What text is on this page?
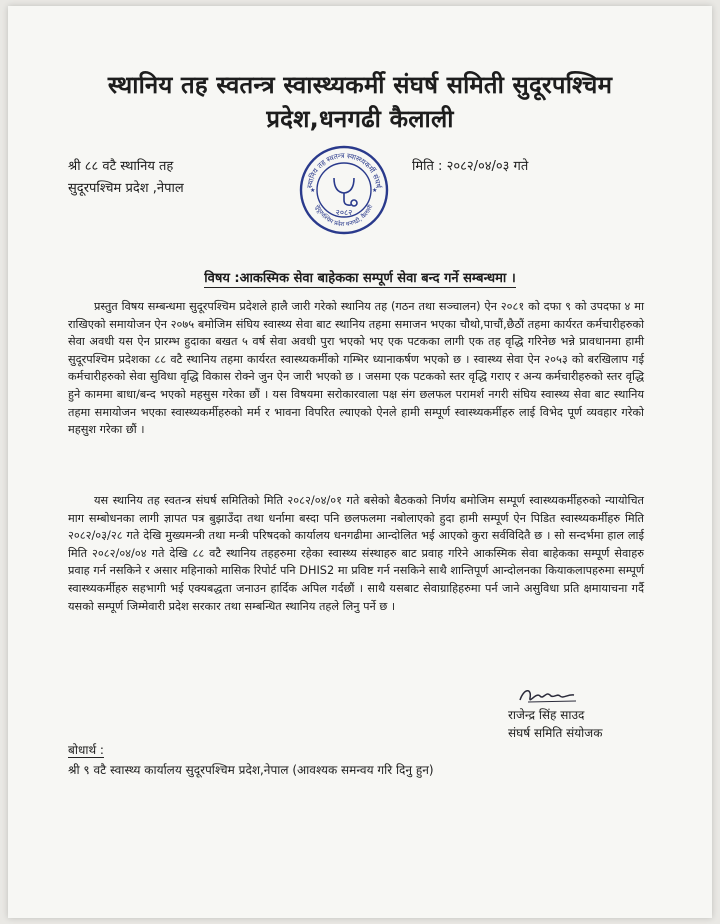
स्थानिय तह स्वतन्त्र स्वास्थ्यकर्मी संघर्ष समिती सुदूरपश्चिम
प्रदेश,धनगढी कैलाली
श्री ८८ वटै स्थानिय तह
सुदूरपश्चिम प्रदेश ,नेपाल	स्थानिय तह स्वतन्त्र स्वास्थ्यकर्मी संघर्ष
सुदूरपश्चिम प्रदेश धनगढी, कैलाली
२०८२
★	★
मिति : २०८२/०४/०३ गते
विषय :आकस्मिक सेवा बाहेकका सम्पूर्ण सेवा बन्द गर्ने सम्बन्धमा ।
प्रस्तुत विषय सम्बन्धमा सुदूरपश्चिम प्रदेशले हालै जारी गरेको स्थानिय तह (गठन तथा सञ्चालन) ऐन २०८१ को दफा ९ को उपदफा ४ मा राखिएको समायोजन ऐन २०७५ बमोजिम संघिय स्वास्थ्य सेवा बाट स्थानिय तहमा समाजन भएका चौथो,पाचौं,छैठौं तहमा कार्यरत कर्मचारीहरुको सेवा अवधी यस ऐन प्रारम्भ हुदाका बखत ५ वर्ष सेवा अवधी पुरा भएको भए एक पटकका लागी एक तह वृद्धि गरिनेछ भन्ने प्रावधानमा हामी सुदूरपश्चिम प्रदेशका ८८ वटै स्थानिय तहमा कार्यरत स्वास्थ्यकर्मीको गम्भिर ध्यानाकर्षण भएको छ । स्वास्थ्य सेवा ऐन २०५३ को बरखिलाप गई कर्मचारीहरुको सेवा सुविधा वृद्धि विकास रोक्ने जुन ऐन जारी भएको छ । जसमा एक पटकको स्तर वृद्धि गराए र अन्य कर्मचारीहरुको स्तर वृद्धि हुने काममा बाधा/बन्द भएको महसुस गरेका छौं । यस विषयमा सरोकारवाला पक्ष संग छलफल परामर्श नगरी संघिय स्वास्थ्य सेवा बाट स्थानिय तहमा समायोजन भएका स्वास्थ्यकर्मीहरुको मर्म र भावना विपरित ल्याएको ऐनले हामी सम्पूर्ण स्वास्थ्यकर्मीहरु लाई विभेद पूर्ण व्यवहार गरेको महसुश गरेका छौं ।
यस स्थानिय तह स्वतन्त्र संघर्ष समितिको मिति २०८२/०४/०१ गते बसेको बैठकको निर्णय बमोजिम सम्पूर्ण स्वास्थ्यकर्मीहरुको न्यायोचित माग सम्बोधनका लागी ज्ञापत पत्र बुझाउँदा तथा धर्नामा बस्दा पनि छलफलमा नबोलाएको हुदा हामी सम्पूर्ण ऐन पिडित स्वास्थ्यकर्मीहरु मिति २०८२/०३/२८ गते देखि मुख्यमन्त्री तथा मन्त्री परिषदको कार्यालय धनगढीमा आन्दोलित भई आएको कुरा सर्वविदितै छ । सो सन्दर्भमा हाल लाई मिति २०८२/०४/०४ गते देखि ८८ वटै स्थानिय तहहरुमा रहेका स्वास्थ्य संस्थाहरु बाट प्रवाह गरिने आकस्मिक सेवा बाहेकका सम्पूर्ण सेवाहरु प्रवाह गर्न नसकिने र असार महिनाको मासिक रिपोर्ट पनि DHIS2 मा प्रविष्ट गर्न नसकिने साथै शान्तिपूर्ण आन्दोलनका कियाकलापहरुमा सम्पूर्ण स्वास्थ्यकर्मीहरु सहभागी भई एक्यबद्धता जनाउन हार्दिक अपिल गर्दछौं । साथै यसबाट सेवाग्राहिहरुमा पर्न जाने असुविधा प्रति क्षमायाचना गर्दै यसको सम्पूर्ण जिम्मेवारी प्रदेश सरकार तथा सम्बन्धित स्थानिय तहले लिनु पर्ने छ ।
राजेन्द्र सिंह साउद
संघर्ष समिति संयोजक
बोधार्थ :
श्री ९ वटै स्वास्थ्य कार्यालय सुदूरपश्चिम प्रदेश,नेपाल (आवश्यक समन्वय गरि दिनु हुन)
